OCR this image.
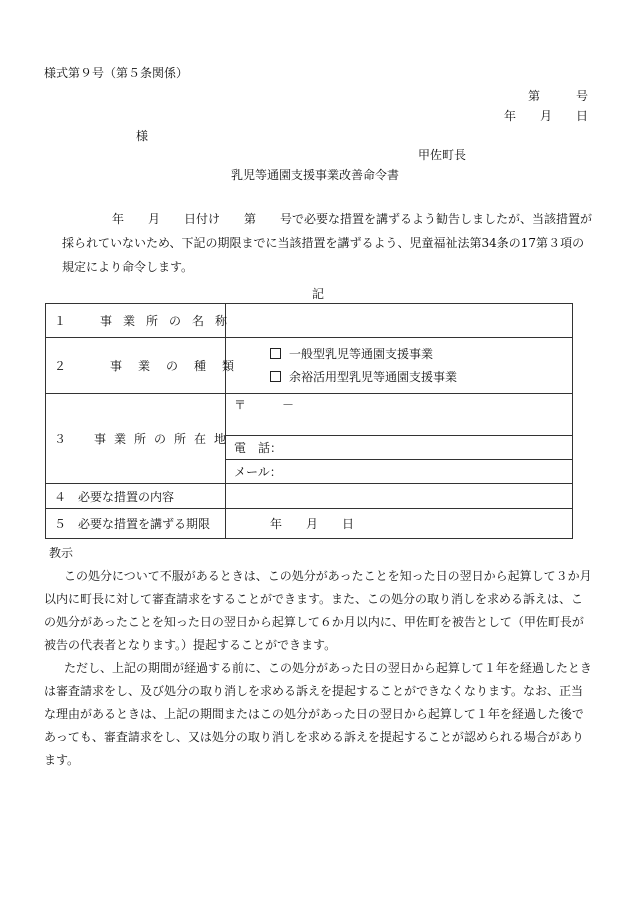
様式第９号（第５条関係）
第　　　号
年　　月　　日
様
甲佐町長
乳児等通園支援事業改善命令書
年　　月　　日付け　　第　　号で必要な措置を講ずるよう勧告しましたが、当該措置が採られていないため、下記の期限までに当該措置を講ずるよう、児童福祉法第34条の17第３項の規定により命令します。
記
１　事業所の名称	
２　事業の種類	一般型乳児等通園支援事業
余裕活用型乳児等通園支援事業

３　事業所の所在地	〒　　　－
	電　話：
	メール：
４　必要な措置の内容	
５　必要な措置を講ずる期限	年　　月　　日
教示
この処分について不服があるときは、この処分があったことを知った日の翌日から起算して３か月以内に町長に対して審査請求をすることができます。また、この処分の取り消しを求める訴えは、この処分があったことを知った日の翌日から起算して６か月以内に、甲佐町を被告として（甲佐町長が被告の代表者となります。）提起することができます。
ただし、上記の期間が経過する前に、この処分があった日の翌日から起算して１年を経過したときは審査請求をし、及び処分の取り消しを求める訴えを提起することができなくなります。なお、正当な理由があるときは、上記の期間またはこの処分があった日の翌日から起算して１年を経過した後であっても、審査請求をし、又は処分の取り消しを求める訴えを提起することが認められる場合があります。
